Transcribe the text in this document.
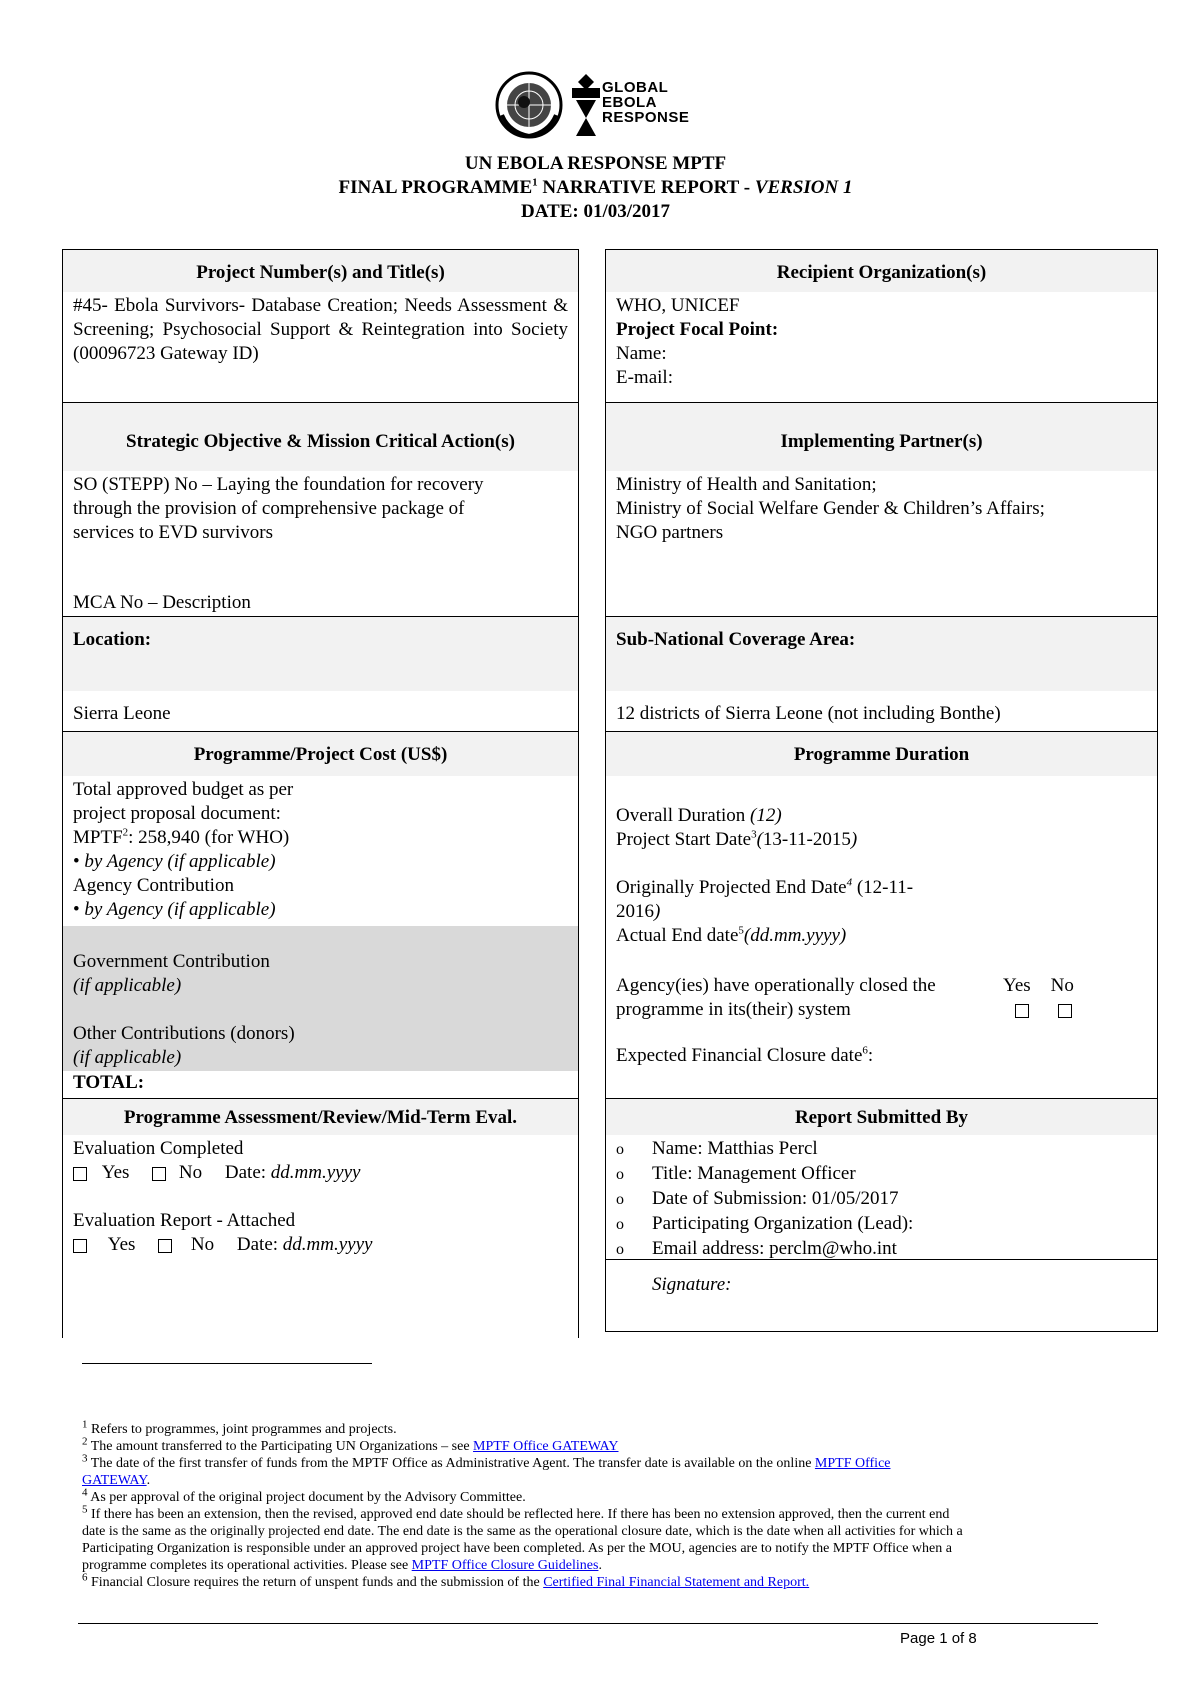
GLOBAL
EBOLA
RESPONSE
UN EBOLA RESPONSE MPTF
FINAL PROGRAMME$^1$ NARRATIVE REPORT - VERSION 1
DATE: 01/03/2017
Project Number(s) and Title(s)
#45- Ebola Survivors- Database Creation; Needs Assessment & Screening; Psychosocial Support & Reintegration into Society (00096723 Gateway ID)
Strategic Objective & Mission Critical Action(s)
SO (STEPP) No – Laying the foundation for recovery
through the provision of comprehensive package of
services to EVD survivors
MCA No – Description
Location:
Sierra Leone
Programme/Project Cost (US$)
Total approved budget as per
project proposal document:
MPTF$^2$: 258,940 (for WHO)
• by Agency (if applicable)
Agency Contribution
• by Agency (if applicable)
Government Contribution
(if applicable)
Other Contributions (donors)
(if applicable)
TOTAL:
Programme Assessment/Review/Mid-Term Eval.
Evaluation Completed
Yes	No Date: dd.mm.yyyy
Evaluation Report - Attached
Yes	No Date: dd.mm.yyyy
Recipient Organization(s)
WHO, UNICEF
Project Focal Point:
Name:
E-mail:
Implementing Partner(s)
Ministry of Health and Sanitation;
Ministry of Social Welfare Gender & Children’s Affairs;
NGO partners
Sub-National Coverage Area:
12 districts of Sierra Leone (not including Bonthe)
Programme Duration
Overall Duration (12)
Project Start Date$^3$(13-11-2015)
Originally Projected End Date$^4$ (12-11-
2016)
Actual End date$^5$(dd.mm.yyyy)
Agency(ies) have operationally closed the
programme in its(their) system
Yes No

Expected Financial Closure date$^6$:
Report Submitted By
o Name: Matthias Percl
o Title: Management Officer
o Date of Submission: 01/05/2017
o Participating Organization (Lead):
o Email address: perclm@who.int
Signature:
$^1$ Refers to programmes, joint programmes and projects.
$^2$ The amount transferred to the Participating UN Organizations – see MPTF Office GATEWAY
$^3$ The date of the first transfer of funds from the MPTF Office as Administrative Agent. The transfer date is available on the online MPTF Office
GATEWAY.
$^4$ As per approval of the original project document by the Advisory Committee.
$^5$ If there has been an extension, then the revised, approved end date should be reflected here. If there has been no extension approved, then the current end
date is the same as the originally projected end date. The end date is the same as the operational closure date, which is the date when all activities for which a
Participating Organization is responsible under an approved project have been completed. As per the MOU, agencies are to notify the MPTF Office when a
programme completes its operational activities. Please see MPTF Office Closure Guidelines.
$^6$ Financial Closure requires the return of unspent funds and the submission of the Certified Final Financial Statement and Report.
Page 1 of 8
